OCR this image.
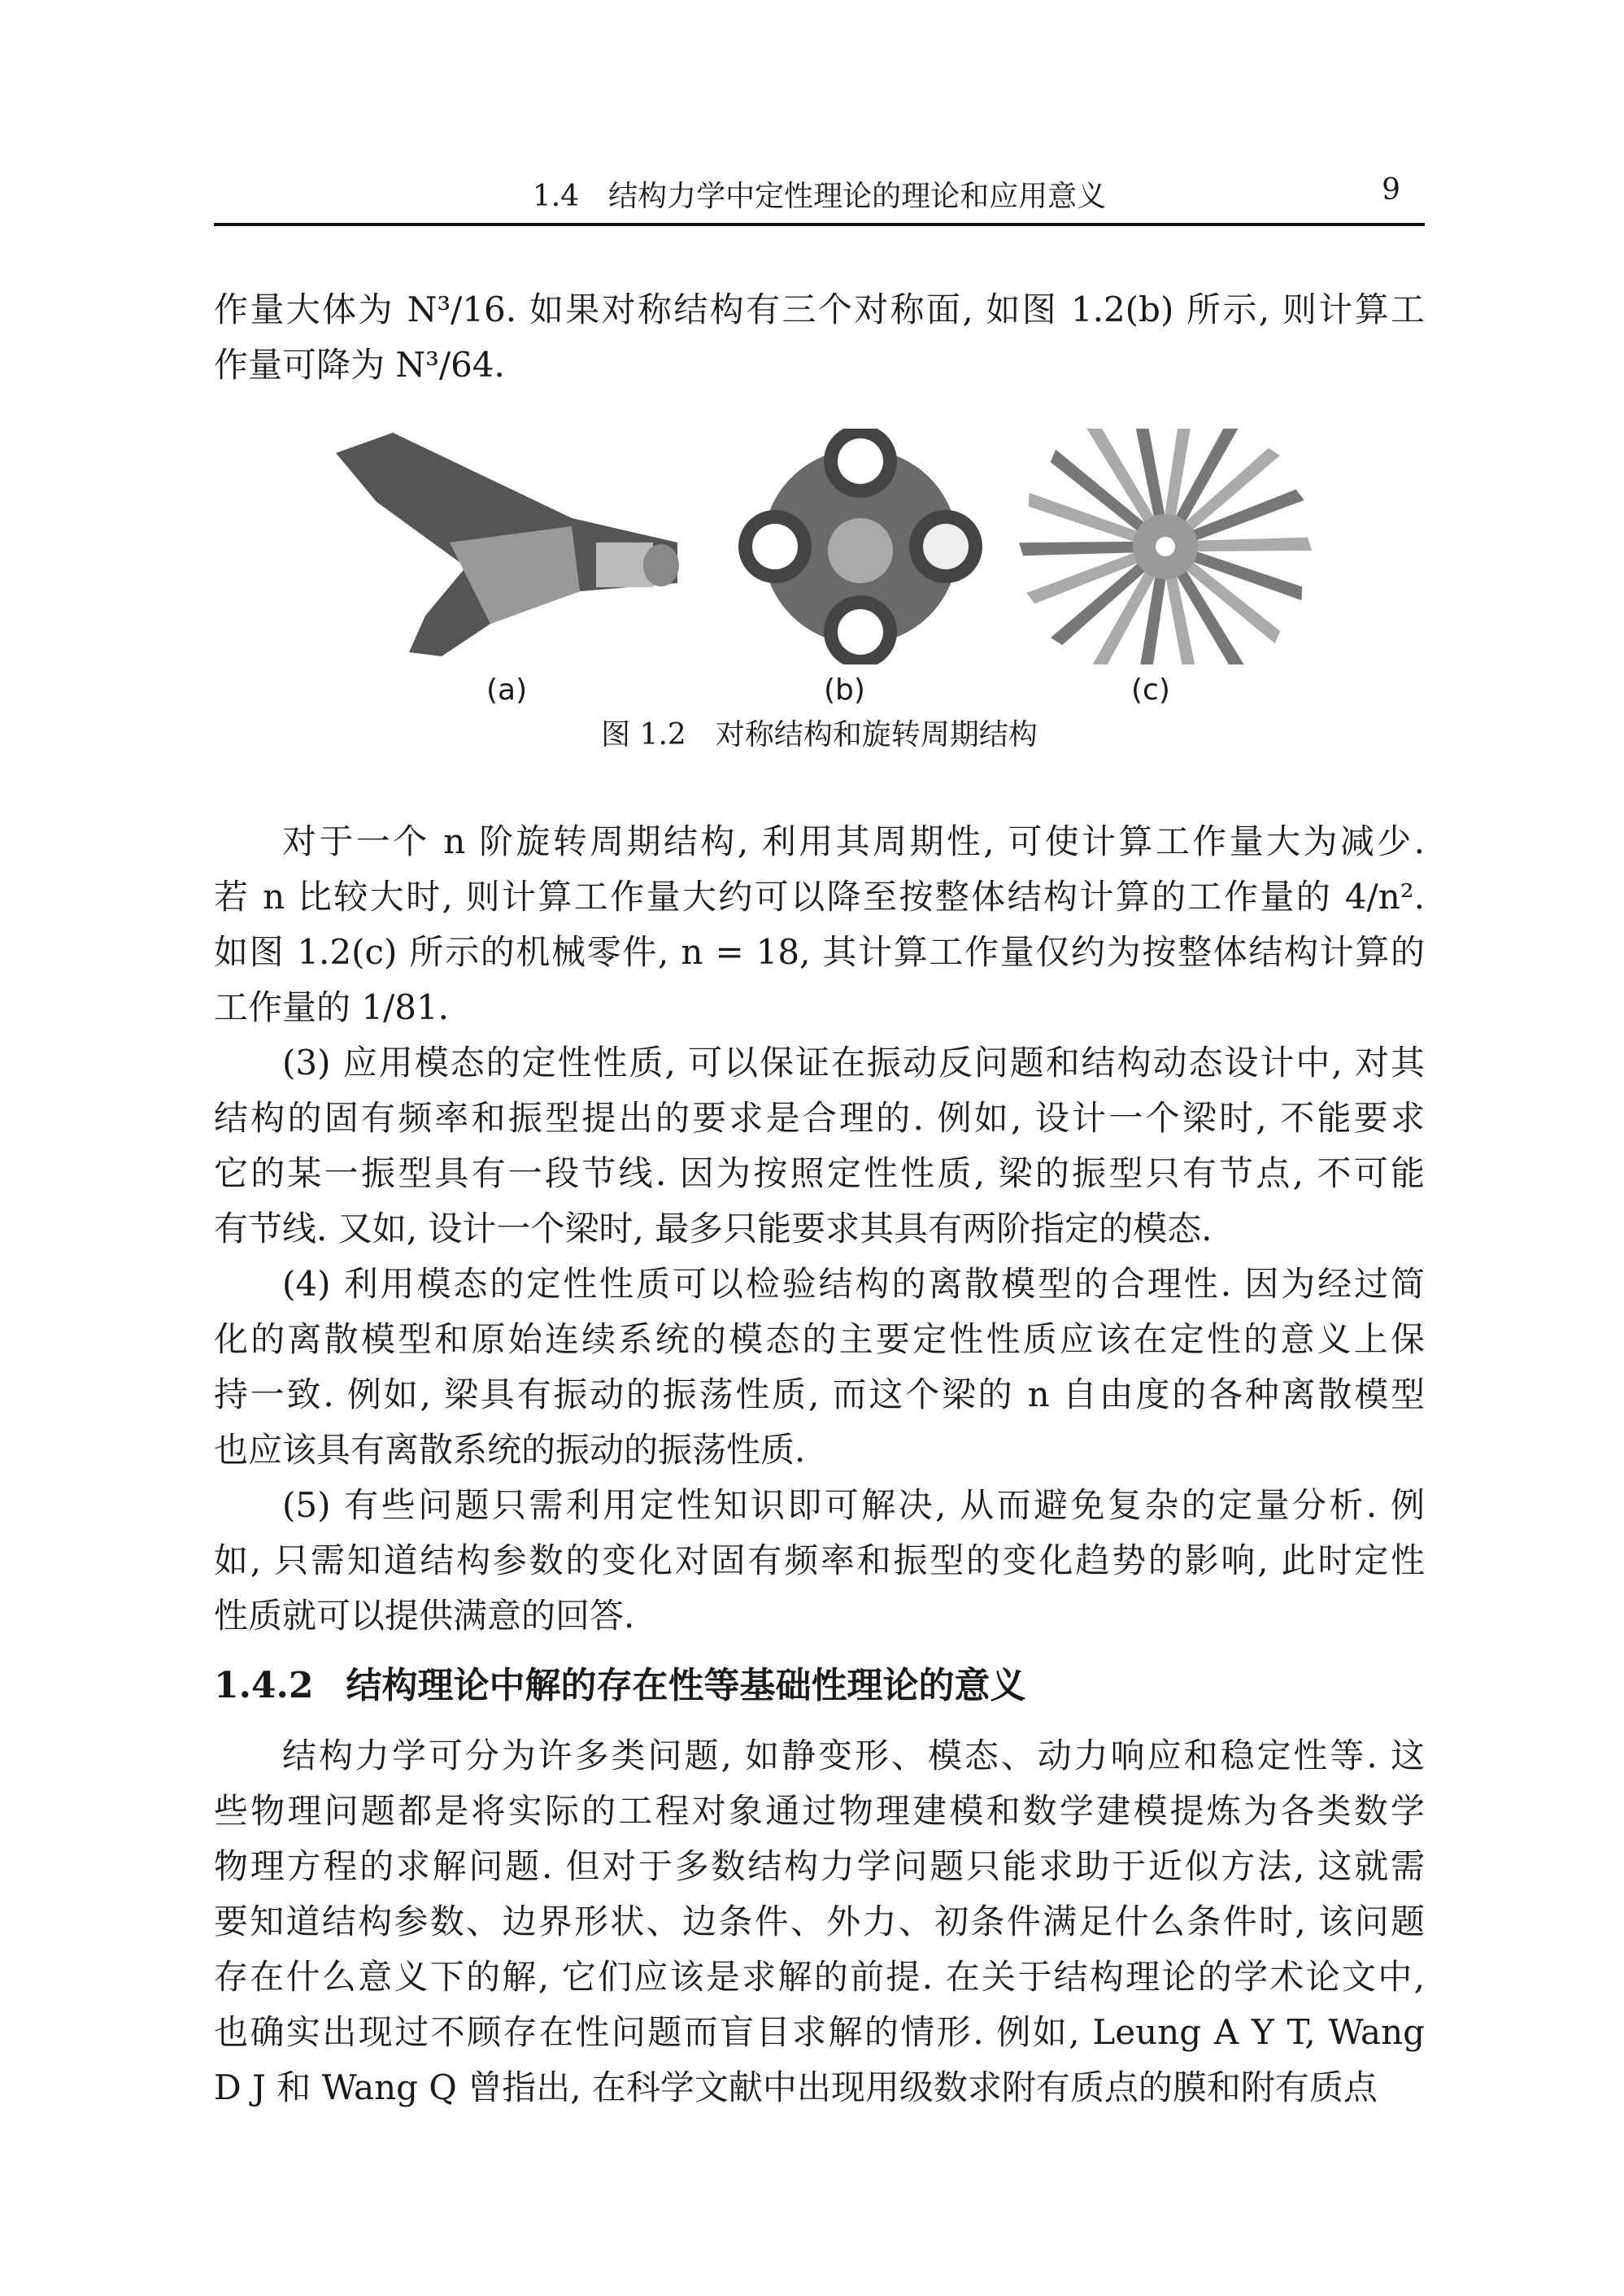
1.4　结构力学中定性理论的理论和应用意义	9
作量大体为 N³/16. 如果对称结构有三个对称面, 如图 1.2(b) 所示, 则计算工
作量可降为 N³/64.
(a)	(b)	(c)
图 1.2　对称结构和旋转周期结构
对于一个 n 阶旋转周期结构, 利用其周期性, 可使计算工作量大为减少.
若 n 比较大时, 则计算工作量大约可以降至按整体结构计算的工作量的 4/n².
如图 1.2(c) 所示的机械零件, n = 18, 其计算工作量仅约为按整体结构计算的
工作量的 1/81.
(3) 应用模态的定性性质, 可以保证在振动反问题和结构动态设计中, 对其
结构的固有频率和振型提出的要求是合理的. 例如, 设计一个梁时, 不能要求
它的某一振型具有一段节线. 因为按照定性性质, 梁的振型只有节点, 不可能
有节线. 又如, 设计一个梁时, 最多只能要求其具有两阶指定的模态.
(4) 利用模态的定性性质可以检验结构的离散模型的合理性. 因为经过简
化的离散模型和原始连续系统的模态的主要定性性质应该在定性的意义上保
持一致. 例如, 梁具有振动的振荡性质, 而这个梁的 n 自由度的各种离散模型
也应该具有离散系统的振动的振荡性质.
(5) 有些问题只需利用定性知识即可解决, 从而避免复杂的定量分析. 例
如, 只需知道结构参数的变化对固有频率和振型的变化趋势的影响, 此时定性
性质就可以提供满意的回答.
1.4.2 结构理论中解的存在性等基础性理论的意义
结构力学可分为许多类问题, 如静变形、模态、动力响应和稳定性等. 这
些物理问题都是将实际的工程对象通过物理建模和数学建模提炼为各类数学
物理方程的求解问题. 但对于多数结构力学问题只能求助于近似方法, 这就需
要知道结构参数、边界形状、边条件、外力、初条件满足什么条件时, 该问题
存在什么意义下的解, 它们应该是求解的前提. 在关于结构理论的学术论文中,
也确实出现过不顾存在性问题而盲目求解的情形. 例如, Leung A Y T, Wang
D J 和 Wang Q 曾指出, 在科学文献中出现用级数求附有质点的膜和附有质点
